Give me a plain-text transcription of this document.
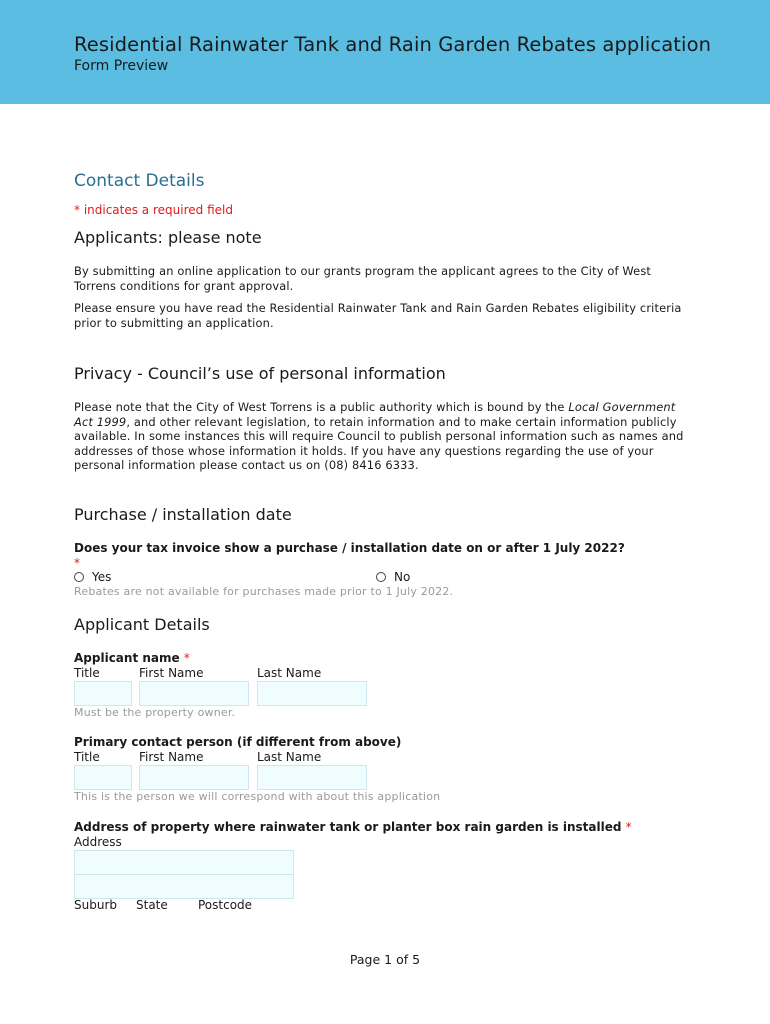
Residential Rainwater Tank and Rain Garden Rebates application
Form Preview
Contact Details
* indicates a required field
Applicants: please note
By submitting an online application to our grants program the applicant agrees to the City of West Torrens conditions for grant approval.
Please ensure you have read the Residential Rainwater Tank and Rain Garden Rebates eligibility criteria prior to submitting an application.
Privacy - Council’s use of personal information
Please note that the City of West Torrens is a public authority which is bound by the Local Government Act 1999, and other relevant legislation, to retain information and to make certain information publicly available. In some instances this will require Council to publish personal information such as names and addresses of those whose information it holds. If you have any questions regarding the use of your personal information please contact us on (08) 8416 6333.
Purchase / installation date
Does your tax invoice show a purchase / installation date on or after 1 July 2022?
*
Yes	No
Rebates are not available for purchases made prior to 1 July 2022.
Applicant Details
Applicant name *
Title	First Name	Last Name
Must be the property owner.
Primary contact person (if different from above)
Title	First Name	Last Name
This is the person we will correspond with about this application
Address of property where rainwater tank or planter box rain garden is installed *
Address
Suburb State	Postcode
Page 1 of 5
